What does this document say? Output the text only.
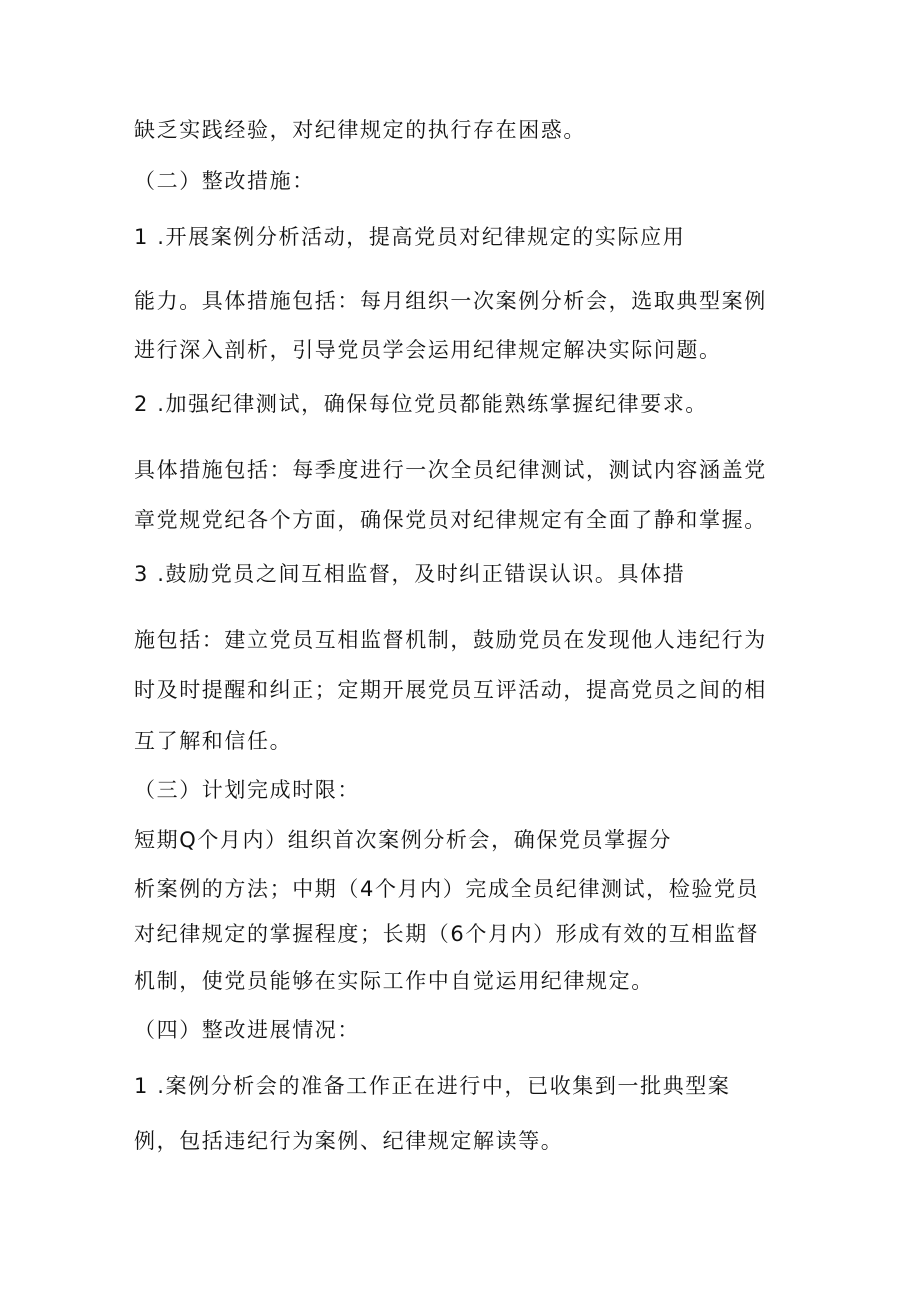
缺乏实践经验，对纪律规定的执行存在困惑。
（二）整改措施：
1 .开展案例分析活动，提高党员对纪律规定的实际应用
能力。具体措施包括：每月组织一次案例分析会，选取典型案例
进行深入剖析，引导党员学会运用纪律规定解决实际问题。
2 .加强纪律测试，确保每位党员都能熟练掌握纪律要求。
具体措施包括：每季度进行一次全员纪律测试，测试内容涵盖党
章党规党纪各个方面，确保党员对纪律规定有全面了静和掌握。
3 .鼓励党员之间互相监督，及时纠正错误认识。具体措
施包括：建立党员互相监督机制，鼓励党员在发现他人违纪行为
时及时提醒和纠正；定期开展党员互评活动，提高党员之间的相
互了解和信任。
（三）计划完成时限：
短期Q个月内）组织首次案例分析会，确保党员掌握分
析案例的方法；中期（4个月内）完成全员纪律测试，检验党员
对纪律规定的掌握程度；长期（6个月内）形成有效的互相监督
机制，使党员能够在实际工作中自觉运用纪律规定。
（四）整改进展情况：
1 .案例分析会的准备工作正在进行中，已收集到一批典型案
例，包括违纪行为案例、纪律规定解读等。
